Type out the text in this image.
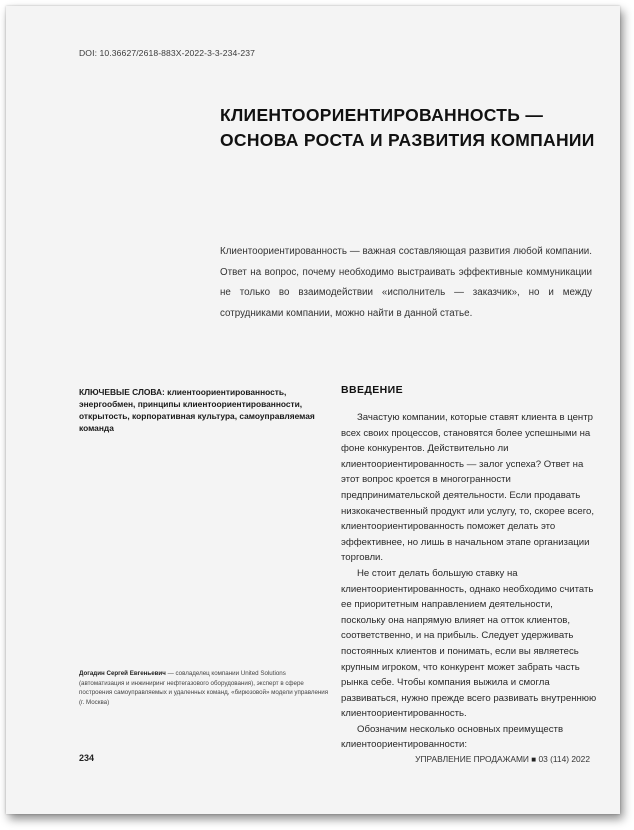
DOI: 10.36627/2618-883X-2022-3-3-234-237
КЛИЕНТООРИЕНТИРОВАННОСТЬ — ОСНОВА РОСТА И РАЗВИТИЯ КОМПАНИИ

Клиентоориентированность — важная составляющая развития любой компании. Ответ на вопрос, почему необходимо выстраивать эффективные коммуникации не только во взаимодействии «исполнитель — заказчик», но и между сотрудниками компании, можно найти в данной статье.

КЛЮЧЕВЫЕ СЛОВА: клиентоориентированность, энергообмен, принципы клиентоориентированности, открытость, корпоративная культура, самоуправляемая команда

ВВЕДЕНИЕ

Зачастую компании, которые ставят клиента в центр всех своих процессов, становятся более успешными на фоне конкурентов. Действительно ли клиентоориентированность — залог успеха? Ответ на этот вопрос кроется в многогранности предпринимательской деятельности. Если продавать низкокачественный продукт или услугу, то, скорее всего, клиентоориентированность поможет делать это эффективнее, но лишь в начальном этапе организации торговли.

Не стоит делать большую ставку на клиентоориентированность, однако необходимо считать ее приоритетным направлением деятельности, поскольку она напрямую влияет на отток клиентов, соответственно, и на прибыль. Следует удерживать постоянных клиентов и понимать, если вы являетесь крупным игроком, что конкурент может забрать часть рынка себе. Чтобы компания выжила и смогла развиваться, нужно прежде всего развивать внутреннюю клиентоориентированность.

Обозначим несколько основных преимуществ клиентоориентированности:

Догадин Сергей Евгеньевич — совладелец компании United Solutions (автоматизация и инжиниринг нефтегазового оборудования), эксперт в сфере построения самоуправляемых и удаленных команд, «бирюзовой» модели управления (г. Москва)

234	УПРАВЛЕНИЕ ПРОДАЖАМИ ■ 03 (114) 2022
